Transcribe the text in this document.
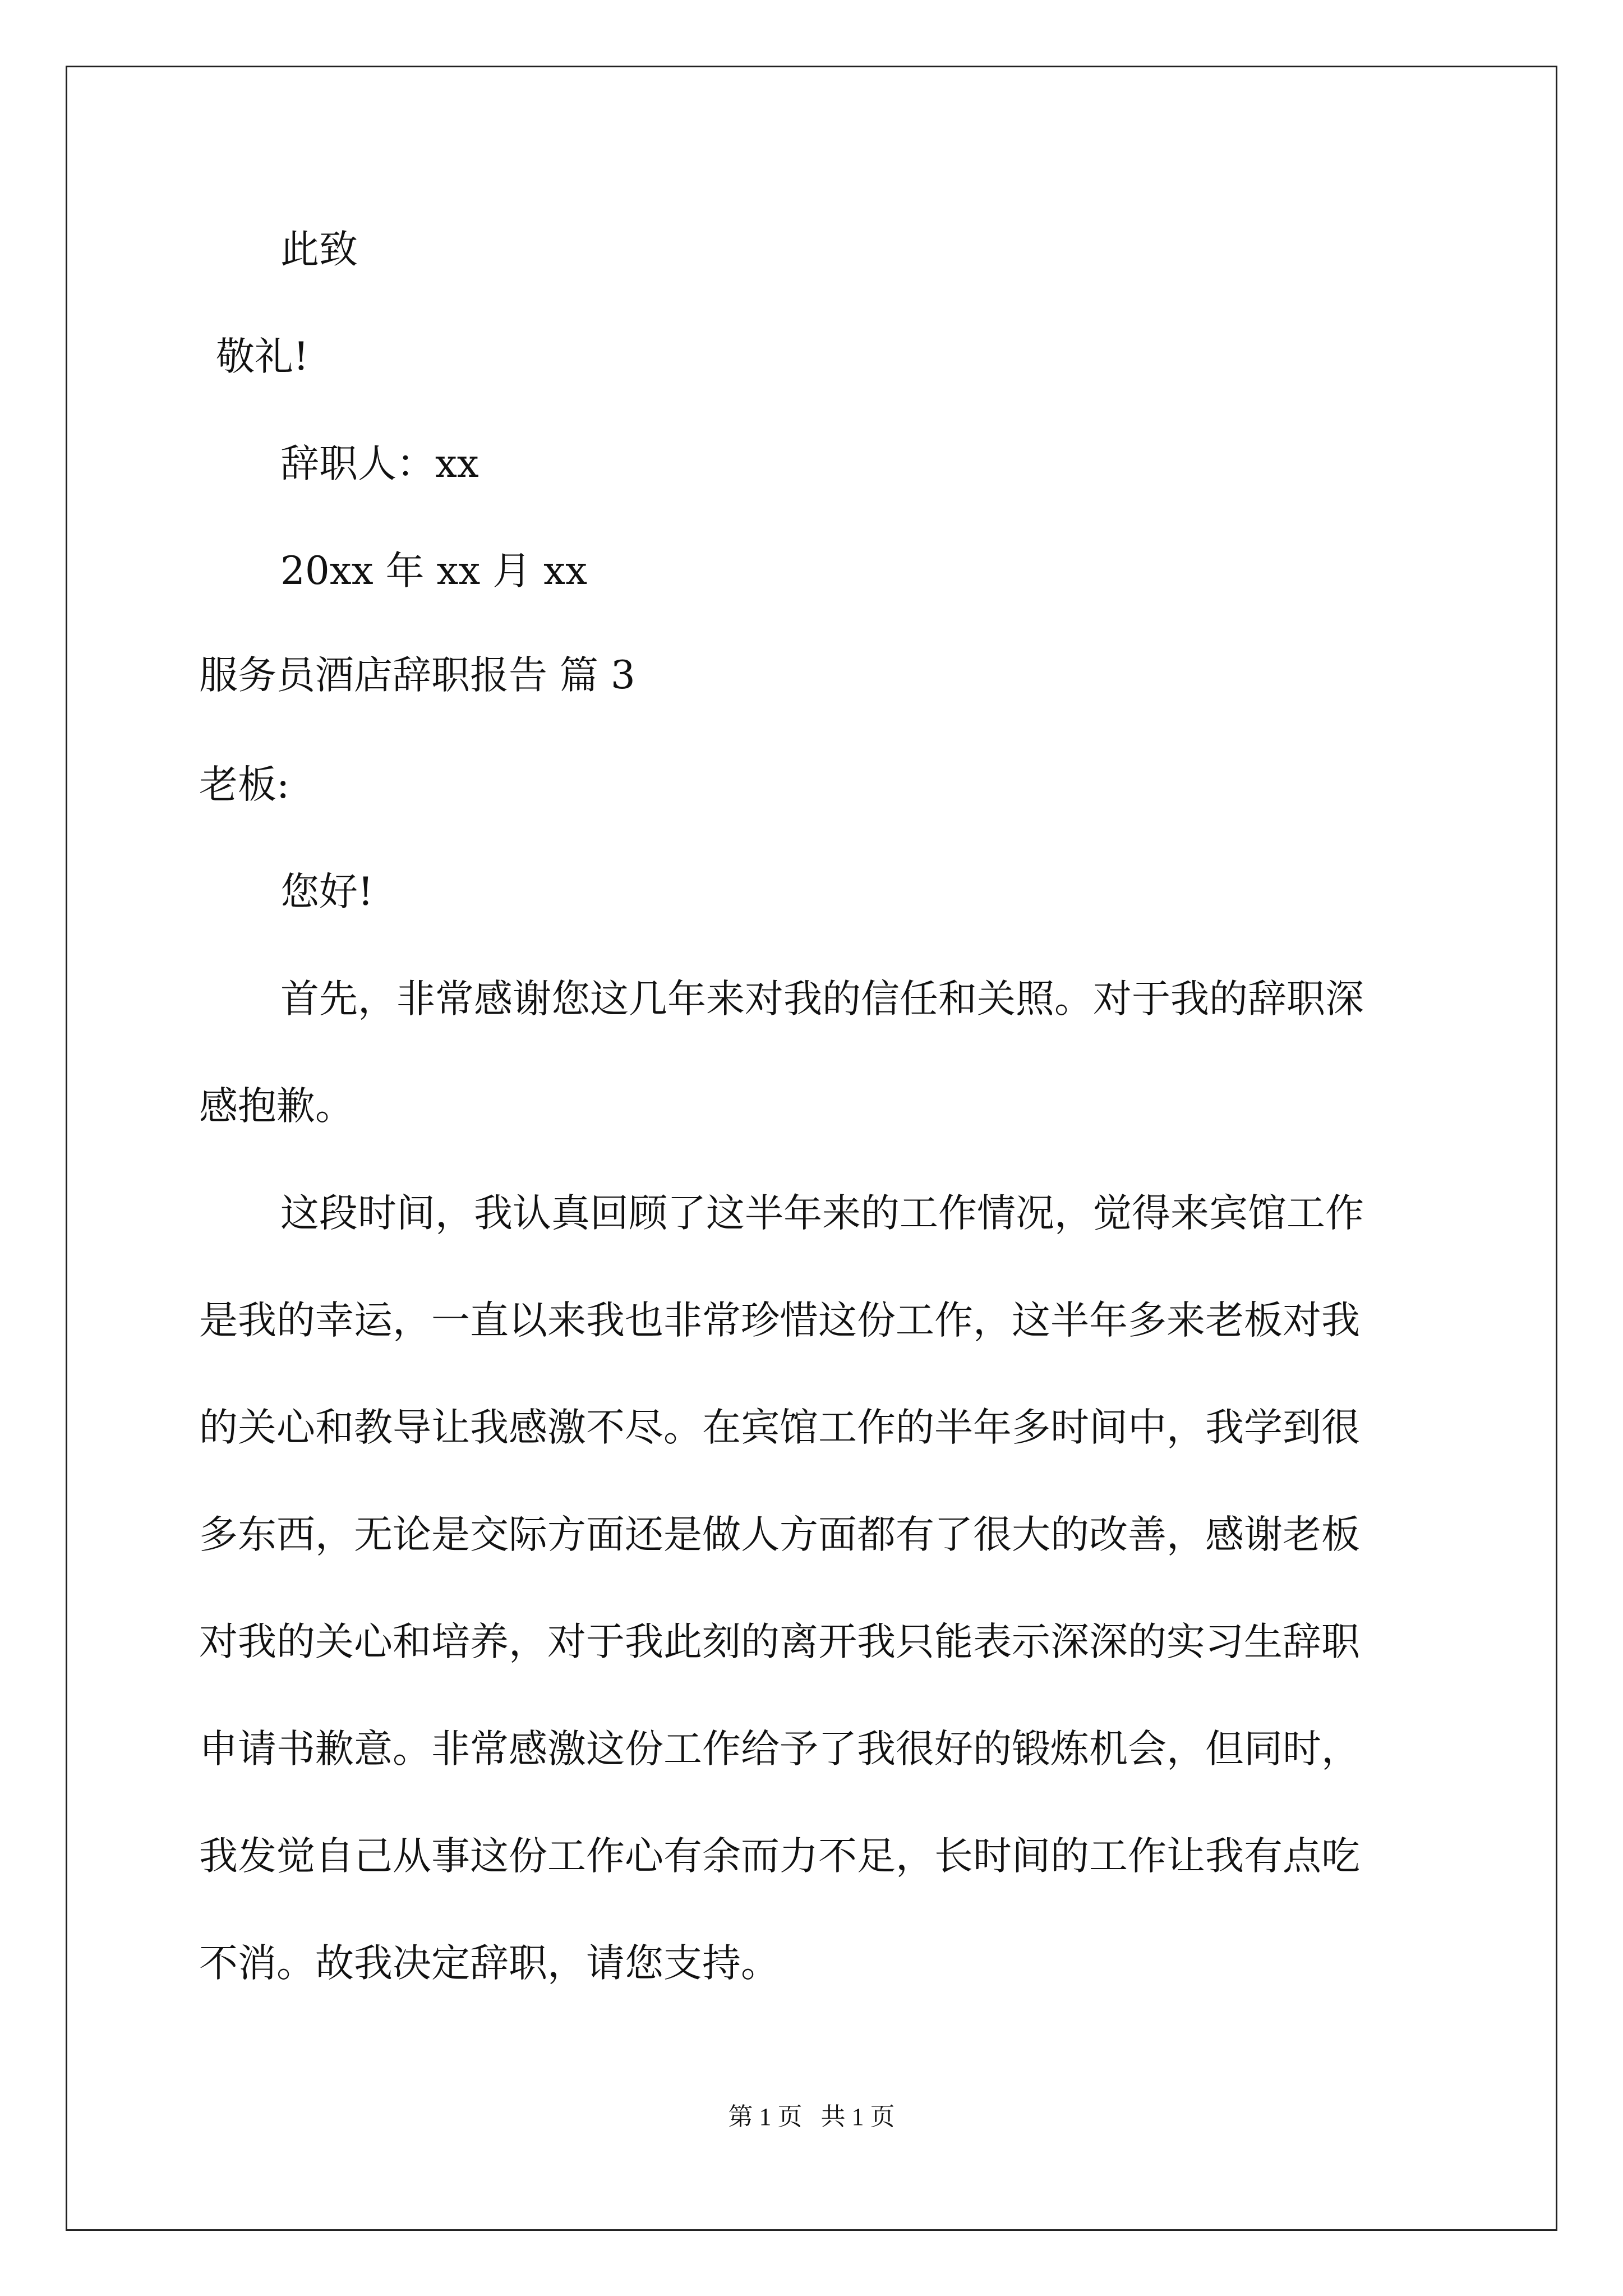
此致
敬礼!
辞职人：xx
20xx 年 xx 月 xx
服务员酒店辞职报告 篇 3
老板:
您好!
首先，非常感谢您这几年来对我的信任和关照。对于我的辞职深
感抱歉。
这段时间，我认真回顾了这半年来的工作情况，觉得来宾馆工作
是我的幸运，一直以来我也非常珍惜这份工作，这半年多来老板对我
的关心和教导让我感激不尽。在宾馆工作的半年多时间中，我学到很
多东西，无论是交际方面还是做人方面都有了很大的改善，感谢老板
对我的关心和培养，对于我此刻的离开我只能表示深深的实习生辞职
申请书歉意。非常感激这份工作给予了我很好的锻炼机会，但同时，
我发觉自己从事这份工作心有余而力不足，长时间的工作让我有点吃
不消。故我决定辞职，请您支持。
第 1 页   共 1 页
